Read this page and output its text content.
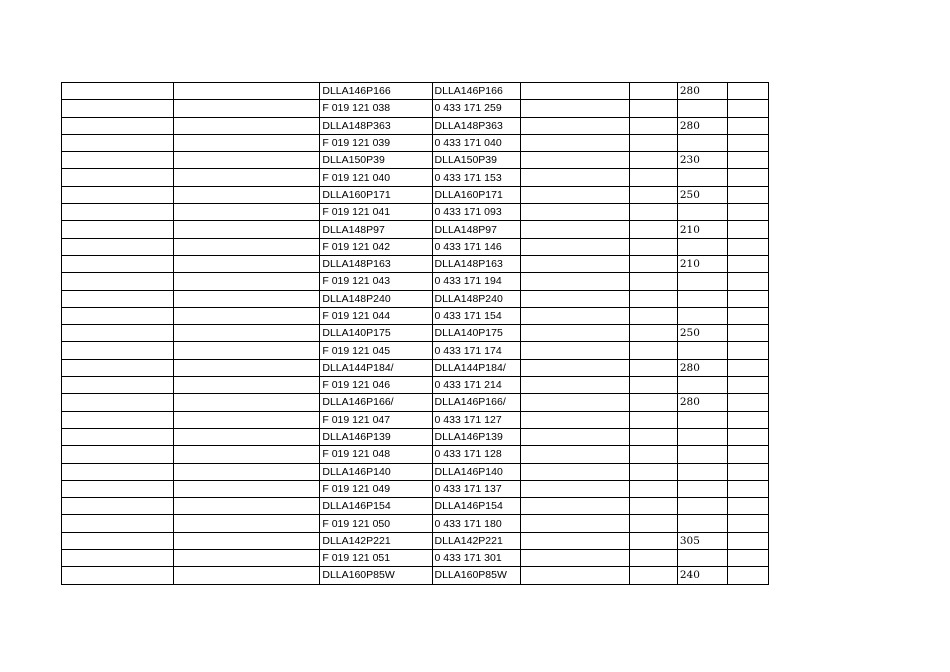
		DLLA146P166	DLLA146P166			280	
		F 019 121 038	0 433 171 259				
		DLLA148P363	DLLA148P363			280	
		F 019 121 039	0 433 171 040				
		DLLA150P39	DLLA150P39			230	
		F 019 121 040	0 433 171 153				
		DLLA160P171	DLLA160P171			250	
		F 019 121 041	0 433 171 093				
		DLLA148P97	DLLA148P97			210	
		F 019 121 042	0 433 171 146				
		DLLA148P163	DLLA148P163			210	
		F 019 121 043	0 433 171 194				
		DLLA148P240	DLLA148P240				
		F 019 121 044	0 433 171 154				
		DLLA140P175	DLLA140P175			250	
		F 019 121 045	0 433 171 174				
		DLLA144P184/	DLLA144P184/			280	
		F 019 121 046	0 433 171 214				
		DLLA146P166/	DLLA146P166/			280	
		F 019 121 047	0 433 171 127				
		DLLA146P139	DLLA146P139				
		F 019 121 048	0 433 171 128				
		DLLA146P140	DLLA146P140				
		F 019 121 049	0 433 171 137				
		DLLA146P154	DLLA146P154				
		F 019 121 050	0 433 171 180				
		DLLA142P221	DLLA142P221			305	
		F 019 121 051	0 433 171 301				
		DLLA160P85W	DLLA160P85W			240	
